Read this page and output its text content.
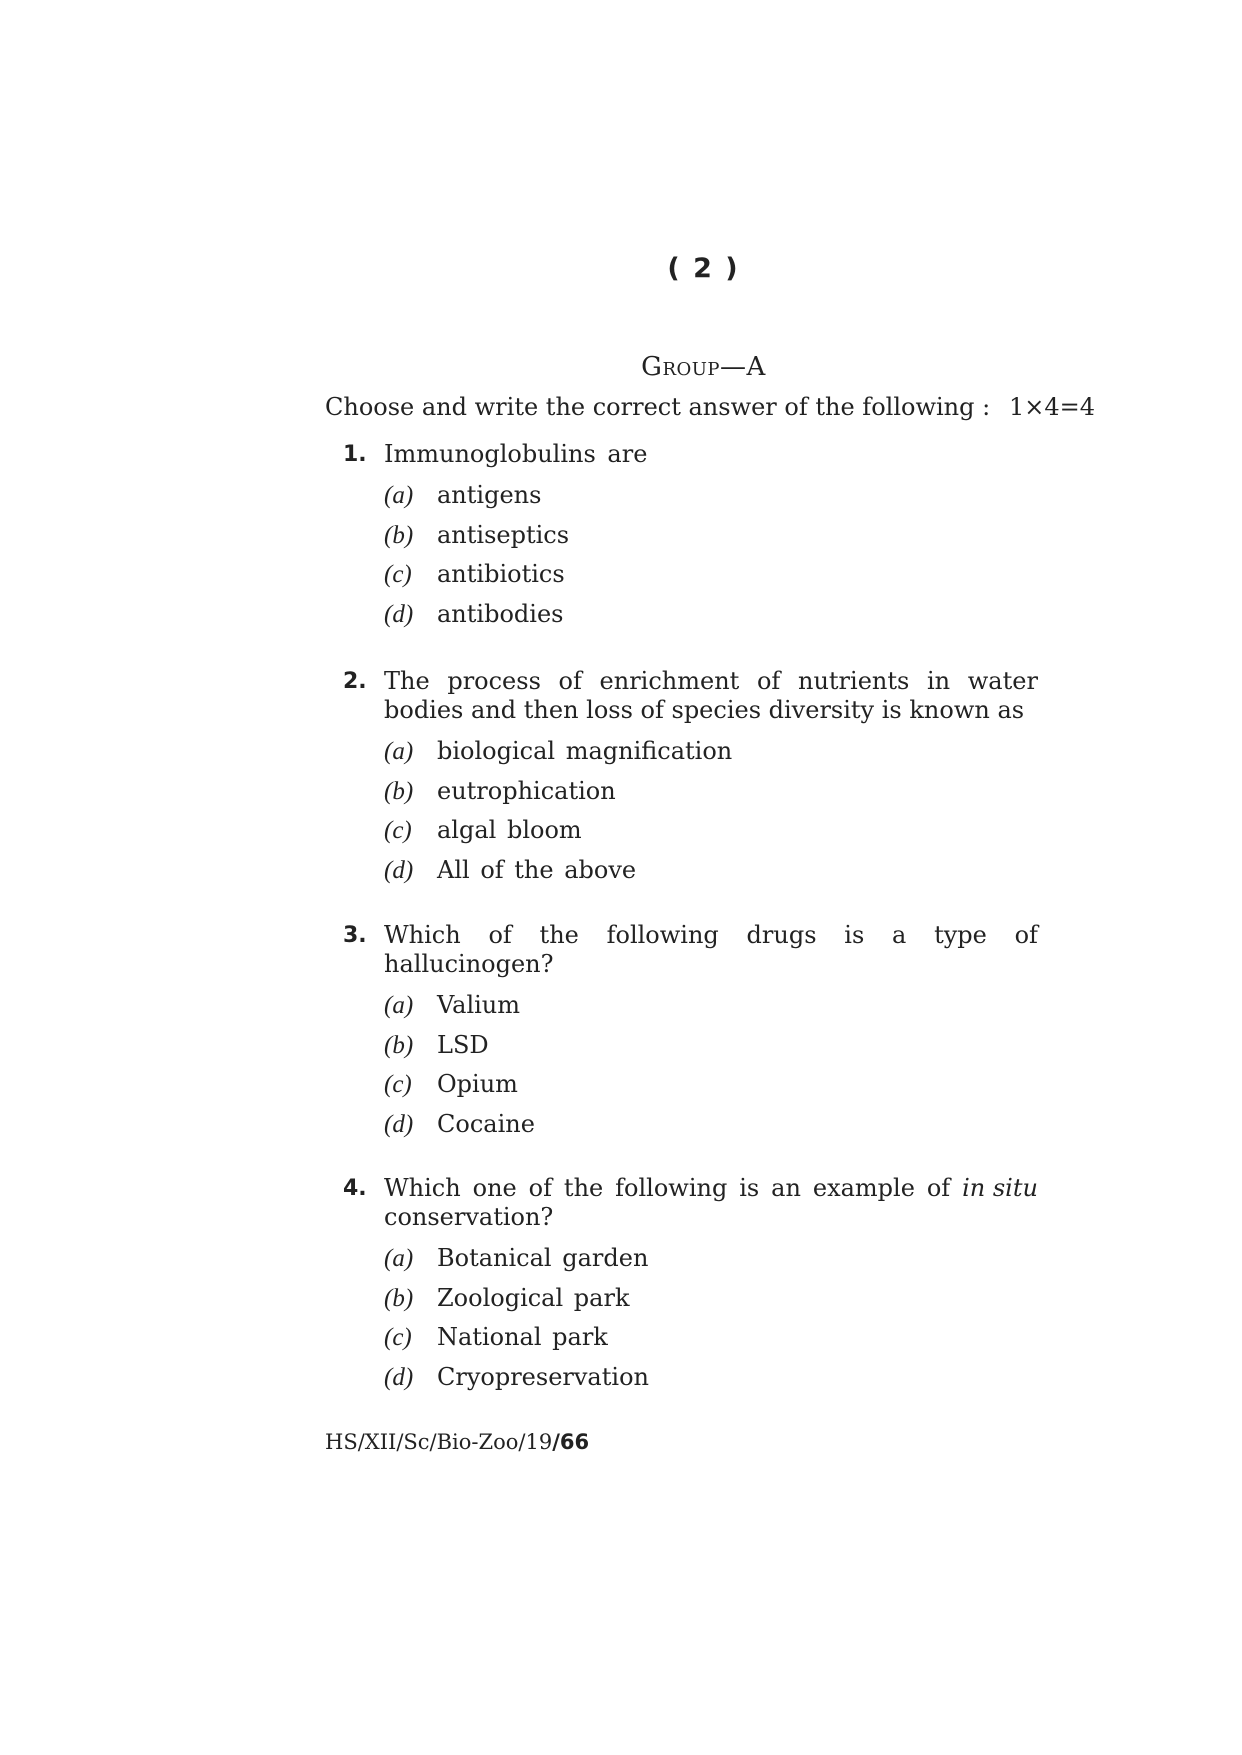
( 2 )
Group—A
Choose and write the correct answer of the following : 1×4=4
1. Immunoglobulins are
(a) antigens
(b) antiseptics
(c) antibiotics
(d) antibodies
2. The process of enrichment of nutrients in water
bodies and then loss of species diversity is known as
(a) biological magnification
(b) eutrophication
(c) algal bloom
(d) All of the above
3. Which of the following drugs is a type of
hallucinogen?
(a) Valium
(b) LSD
(c) Opium
(d) Cocaine
4. Which one of the following is an example of in situ
conservation?
(a) Botanical garden
(b) Zoological park
(c) National park
(d) Cryopreservation
HS/XII/Sc/Bio-Zoo/19/66
